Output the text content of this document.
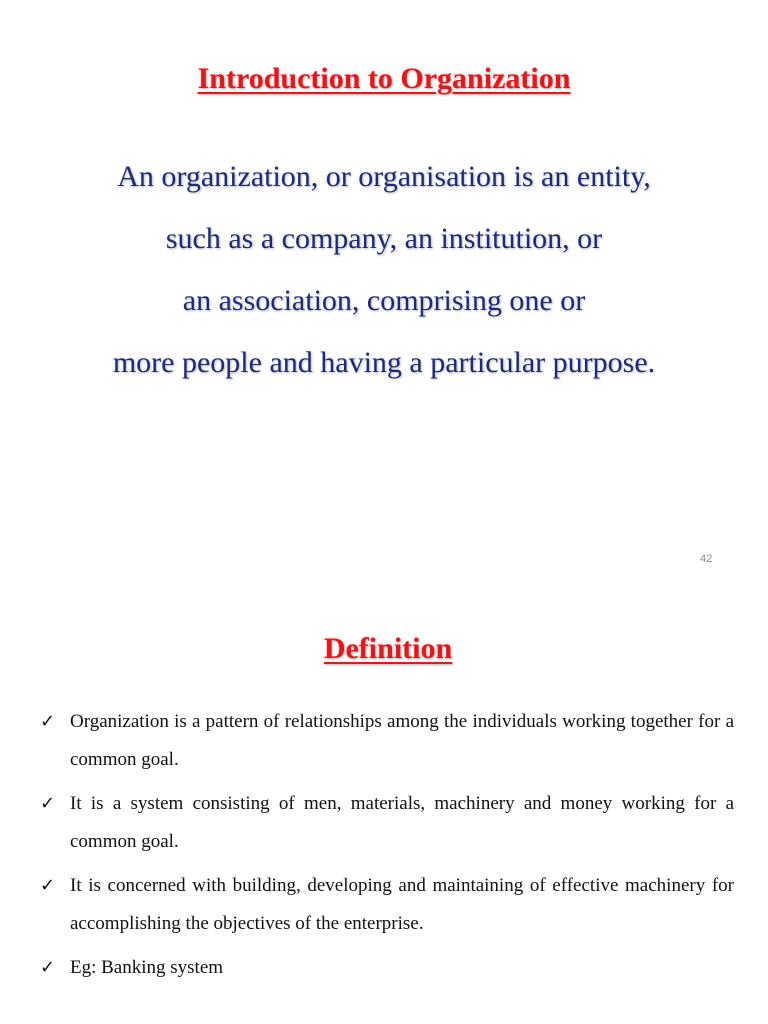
Introduction to Organization

An organization, or organisation is an entity,
such as a company, an institution, or
an association, comprising one or
more people and having a particular purpose.

42
Definition
✓ Organization is a pattern of relationships among the individuals working together for a common goal.
✓ It is a system consisting of men, materials, machinery and money working for a common goal.
✓ It is concerned with building, developing and maintaining of effective machinery for accomplishing the objectives of the enterprise.
✓ Eg: Banking system
